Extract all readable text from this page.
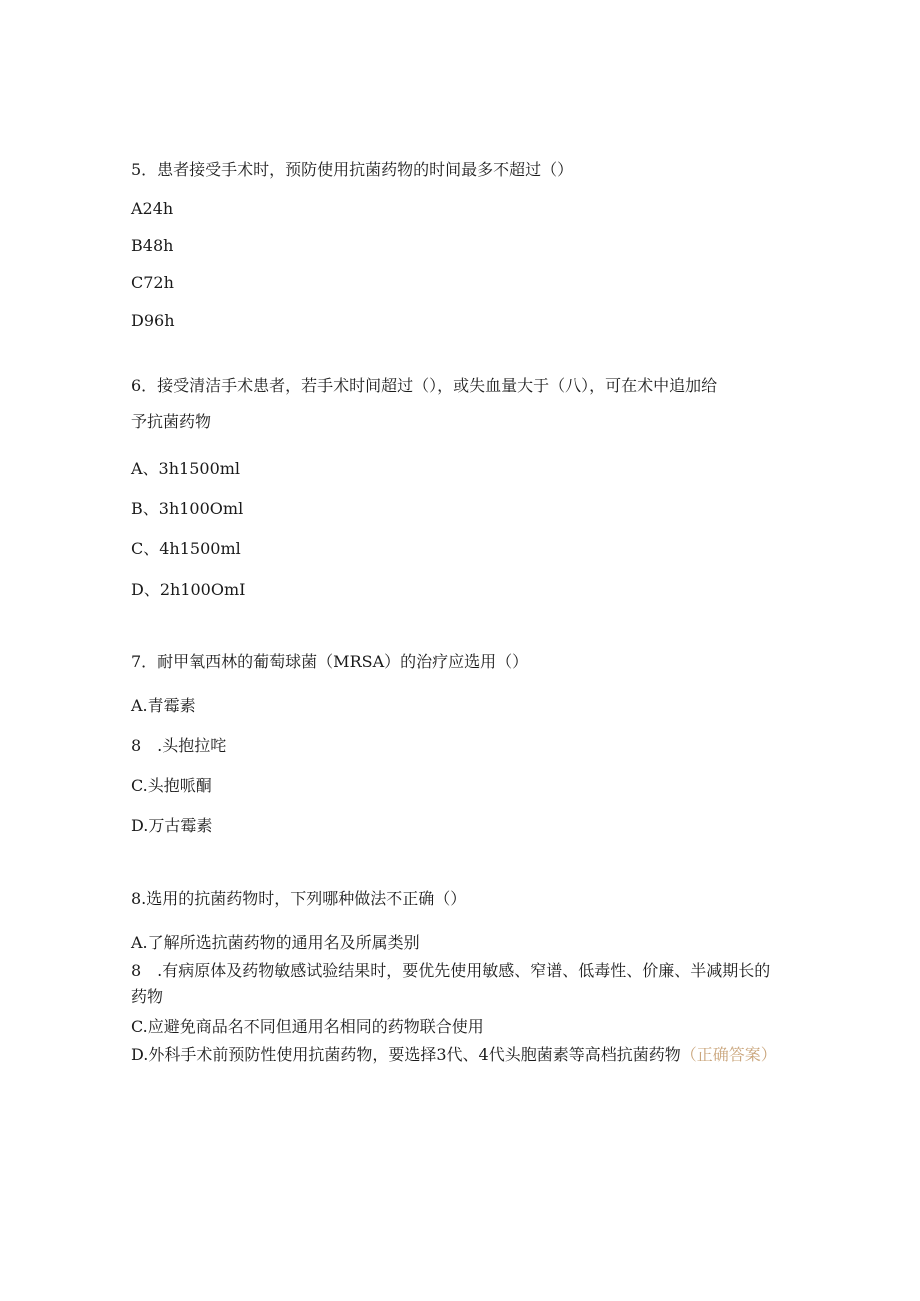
5．患者接受手术时，预防使用抗菌药物的时间最多不超过（）
A24h
B48h
C72h
D96h
6．接受清洁手术患者，若手术时间超过（），或失血量大于（八），可在术中追加给
予抗菌药物
A、3h1500ml
B、3h100Oml
C、4h1500ml
D、2h100OmI
7．耐甲氧西林的葡萄球菌（MRSA）的治疗应选用（）
A.青霉素
8　.头抱拉咤
C.头抱哌酮
D.万古霉素
8.选用的抗菌药物时，下列哪种做法不正确（）
A.了解所选抗菌药物的通用名及所属类别
8　.有病原体及药物敏感试验结果时，要优先使用敏感、窄谱、低毒性、价廉、半减期长的药物
C.应避免商品名不同但通用名相同的药物联合使用
D.外科手术前预防性使用抗菌药物，要选择3代、4代头胞菌素等高档抗菌药物（正确答案）
